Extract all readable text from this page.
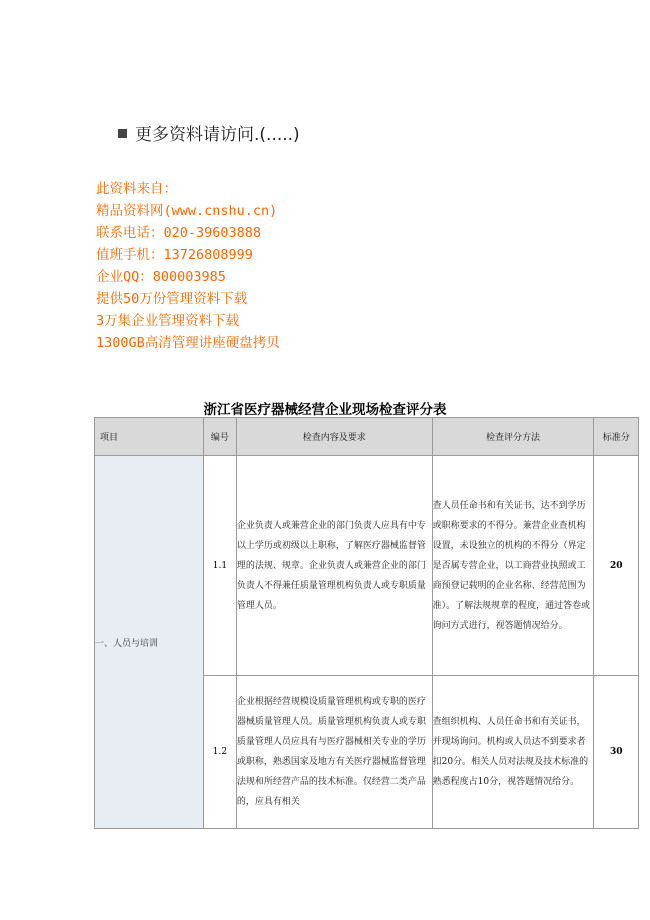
更多资料请访问.(.....)
此资料来自：
精品资料网(www.cnshu.cn)
联系电话：020-39603888
值班手机：13726808999
企业QQ：800003985
提供50万份管理资料下载
3万集企业管理资料下载
1300GB高清管理讲座硬盘拷贝
浙江省医疗器械经营企业现场检查评分表
项目	编号	检查内容及要求	检查评分方法	标准分
一、人员与培训	1.1	企业负责人或兼营企业的部门负责人应具有中专以上学历或初级以上职称，了解医疗器械监督管理的法规、规章。企业负责人或兼营企业的部门负责人不得兼任质量管理机构负责人或专职质量管理人员。	查人员任命书和有关证书，达不到学历或职称要求的不得分。兼营企业查机构设置，未设独立的机构的不得分（界定是否属专营企业，以工商营业执照或工商预登记载明的企业名称、经营范围为准）。了解法规规章的程度，通过答卷或询问方式进行，视答题情况给分。	20
	1.2	企业根据经营规模设质量管理机构或专职的医疗器械质量管理人员。质量管理机构负责人或专职质量管理人员应具有与医疗器械相关专业的学历或职称，熟悉国家及地方有关医疗器械监督管理法规和所经营产品的技术标准。仅经营二类产品的，应具有相关	查组织机构、人员任命书和有关证书，并现场询问。机构或人员达不到要求者扣20分。相关人员对法规及技术标准的熟悉程度占10分，视答题情况给分。	30
